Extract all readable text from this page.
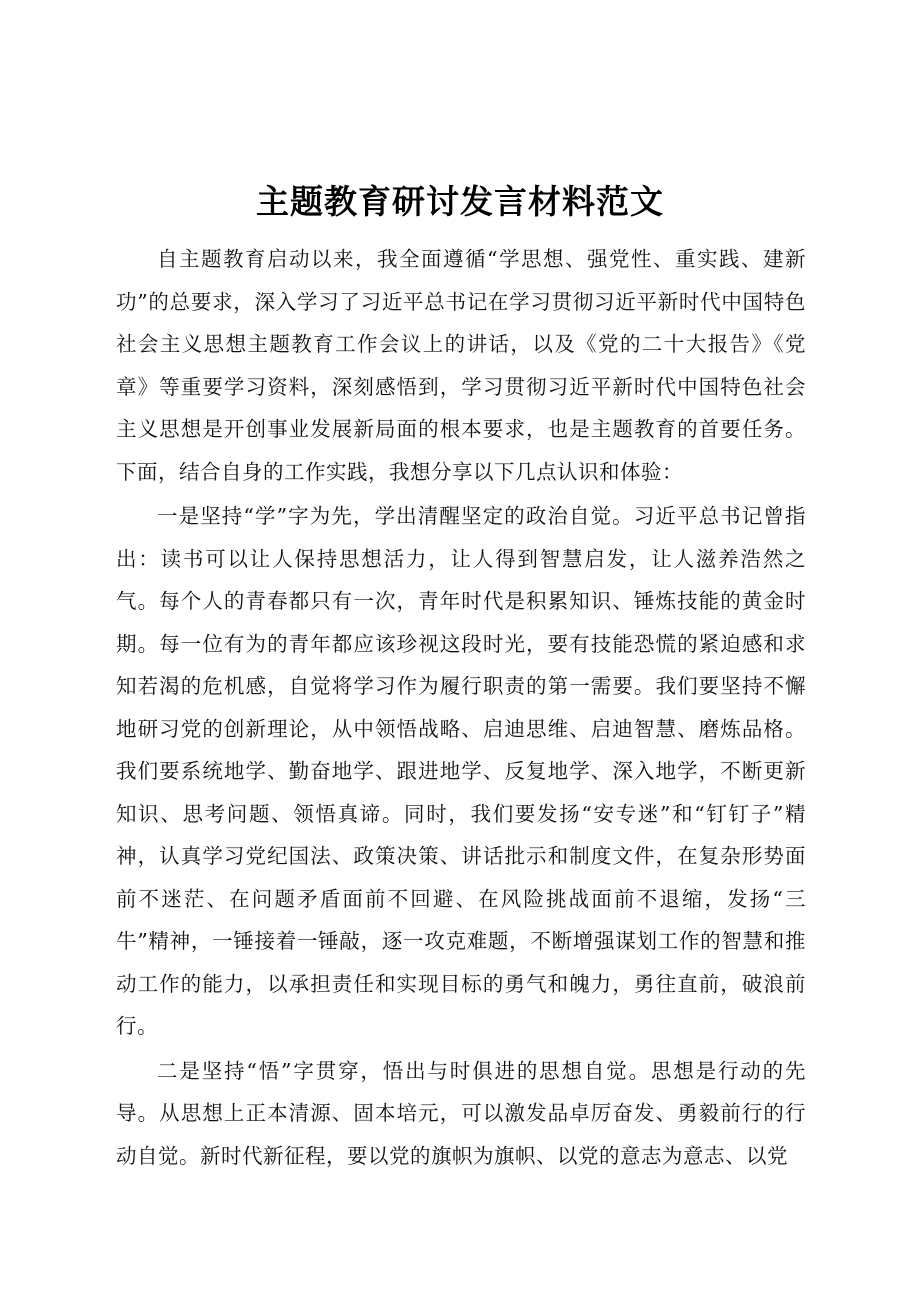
主题教育研讨发言材料范文

自主题教育启动以来，我全面遵循“学思想、强党性、重实践、建新功”的总要求，深入学习了习近平总书记在学习贯彻习近平新时代中国特色社会主义思想主题教育工作会议上的讲话，以及《党的二十大报告》《党章》等重要学习资料，深刻感悟到，学习贯彻习近平新时代中国特色社会主义思想是开创事业发展新局面的根本要求，也是主题教育的首要任务。下面，结合自身的工作实践，我想分享以下几点认识和体验：

一是坚持“学”字为先，学出清醒坚定的政治自觉。习近平总书记曾指出：读书可以让人保持思想活力，让人得到智慧启发，让人滋养浩然之气。每个人的青春都只有一次，青年时代是积累知识、锤炼技能的黄金时期。每一位有为的青年都应该珍视这段时光，要有技能恐慌的紧迫感和求知若渴的危机感，自觉将学习作为履行职责的第一需要。我们要坚持不懈地研习党的创新理论，从中领悟战略、启迪思维、启迪智慧、磨炼品格。我们要系统地学、勤奋地学、跟进地学、反复地学、深入地学，不断更新知识、思考问题、领悟真谛。同时，我们要发扬“安专迷”和“钉钉子”精神，认真学习党纪国法、政策决策、讲话批示和制度文件，在复杂形势面前不迷茫、在问题矛盾面前不回避、在风险挑战面前不退缩，发扬“三牛”精神，一锤接着一锤敲，逐一攻克难题，不断增强谋划工作的智慧和推动工作的能力，以承担责任和实现目标的勇气和魄力，勇往直前，破浪前行。

二是坚持“悟”字贯穿，悟出与时俱进的思想自觉。思想是行动的先导。从思想上正本清源、固本培元，可以激发品卓厉奋发、勇毅前行的行动自觉。新时代新征程，要以党的旗帜为旗帜、以党的意志为意志、以党
